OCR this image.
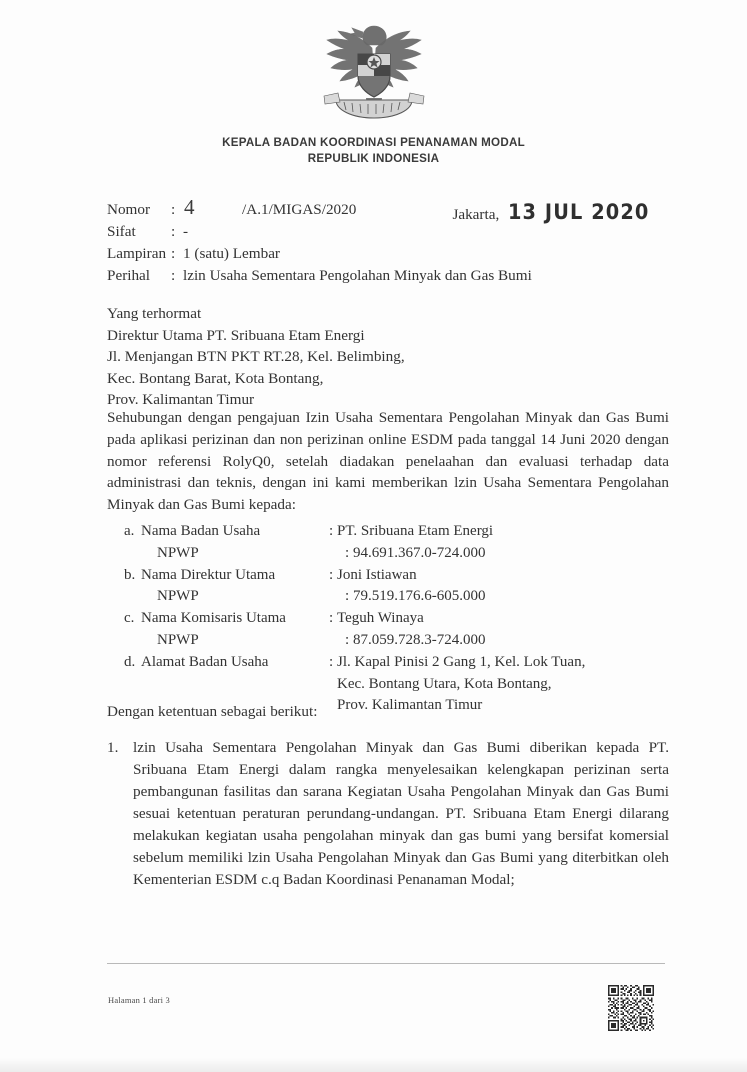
KEPALA BADAN KOORDINASI PENANAMAN MODAL
REPUBLIK INDONESIA
Jakarta, 13 JUL 2020
Nomor	: 4	/A.1/MIGAS/2020
Sifat	: -
Lampiran : 1 (satu) Lembar
Perihal	: lzin Usaha Sementara Pengolahan Minyak dan Gas Bumi
Yang terhormat
Direktur Utama PT. Sribuana Etam Energi
Jl. Menjangan BTN PKT RT.28, Kel. Belimbing,
Kec. Bontang Barat, Kota Bontang,
Prov. Kalimantan Timur
Sehubungan dengan pengajuan Izin Usaha Sementara Pengolahan Minyak dan Gas Bumi pada aplikasi perizinan dan non perizinan online ESDM pada tanggal 14 Juni 2020 dengan nomor referensi RolyQ0, setelah diadakan penelaahan dan evaluasi terhadap data administrasi dan teknis, dengan ini kami memberikan lzin Usaha Sementara Pengolahan Minyak dan Gas Bumi kepada:
a. Nama Badan Usaha	: PT. Sribuana Etam Energi
NPWP	: 94.691.367.0-724.000
b. Nama Direktur Utama	: Joni Istiawan
NPWP	: 79.519.176.6-605.000
c. Nama Komisaris Utama	: Teguh Winaya
NPWP	: 87.059.728.3-724.000
d. Alamat Badan Usaha	: Jl. Kapal Pinisi 2 Gang 1, Kel. Lok Tuan,
Kec. Bontang Utara, Kota Bontang,
Prov. Kalimantan Timur
Dengan ketentuan sebagai berikut:
1. lzin Usaha Sementara Pengolahan Minyak dan Gas Bumi diberikan kepada PT. Sribuana Etam Energi dalam rangka menyelesaikan kelengkapan perizinan serta pembangunan fasilitas dan sarana Kegiatan Usaha Pengolahan Minyak dan Gas Bumi sesuai ketentuan peraturan perundang-undangan. PT. Sribuana Etam Energi dilarang melakukan kegiatan usaha pengolahan minyak dan gas bumi yang bersifat komersial sebelum memiliki lzin Usaha Pengolahan Minyak dan Gas Bumi yang diterbitkan oleh Kementerian ESDM c.q Badan Koordinasi Penanaman Modal;
Halaman 1 dari 3
